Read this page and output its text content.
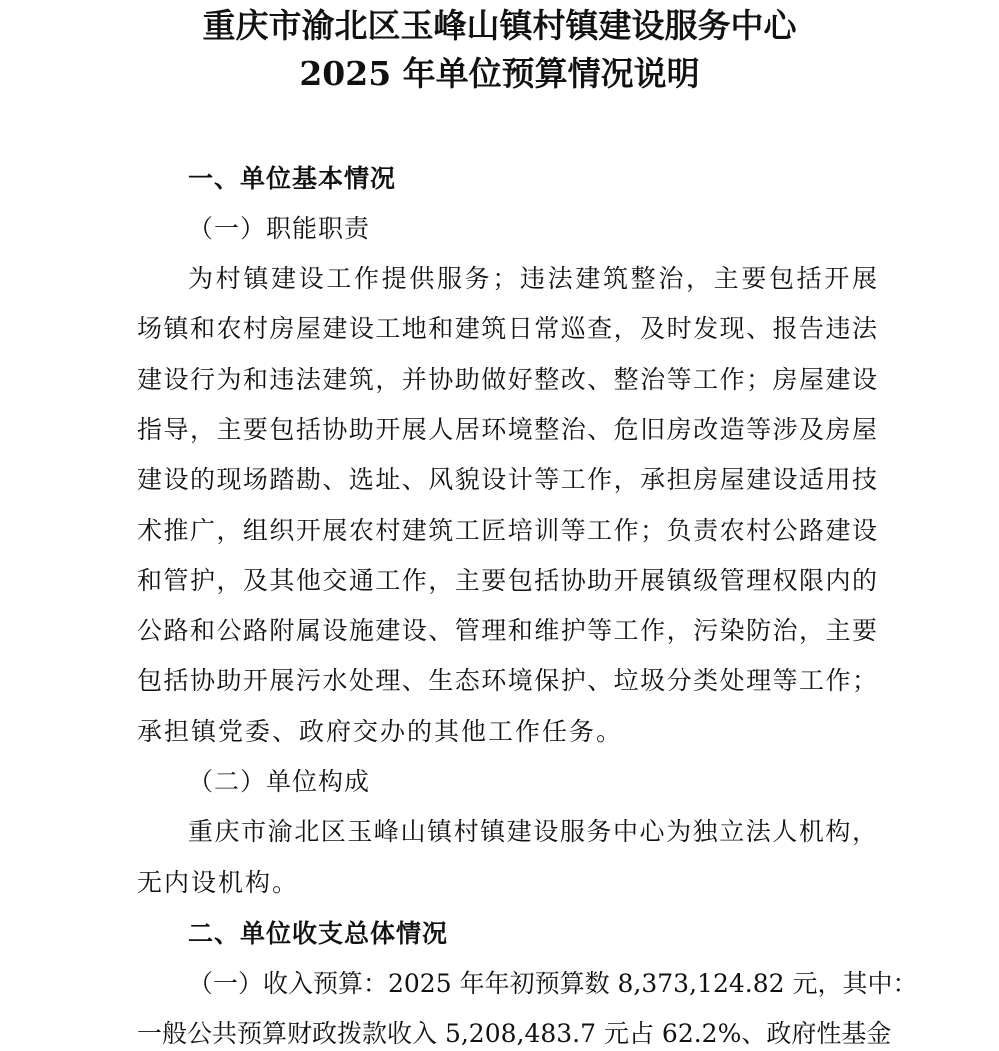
重庆市渝北区玉峰山镇村镇建设服务中心
2025 年单位预算情况说明
一、单位基本情况
（一）职能职责
为村镇建设工作提供服务；违法建筑整治，主要包括开展
场镇和农村房屋建设工地和建筑日常巡查，及时发现、报告违法
建设行为和违法建筑，并协助做好整改、整治等工作；房屋建设
指导，主要包括协助开展人居环境整治、危旧房改造等涉及房屋
建设的现场踏勘、选址、风貌设计等工作，承担房屋建设适用技
术推广，组织开展农村建筑工匠培训等工作；负责农村公路建设
和管护，及其他交通工作，主要包括协助开展镇级管理权限内的
公路和公路附属设施建设、管理和维护等工作，污染防治，主要
包括协助开展污水处理、生态环境保护、垃圾分类处理等工作；
承担镇党委、政府交办的其他工作任务。
（二）单位构成
重庆市渝北区玉峰山镇村镇建设服务中心为独立法人机构，
无内设机构。
二、单位收支总体情况
（一）收入预算：2025 年年初预算数 8,373,124.82 元，其中：
一般公共预算财政拨款收入 5,208,483.7 元占 62.2%、政府性基金
